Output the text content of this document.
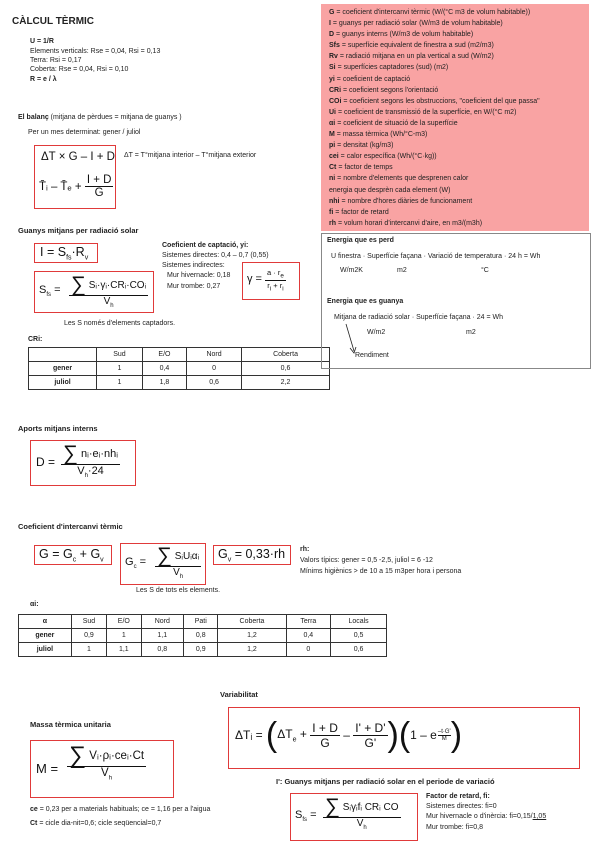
CÀLCUL TÈRMIC
U = 1/R
Elements verticals: Rse = 0,04, Rsi = 0,13
Terra: Rsi = 0,17
Coberta: Rse = 0,04, Rsi = 0,10
R = e / λ
G = coeficient d'intercanvi tèrmic (W/(°C m3 de volum habitable))
I = guanys per radiació solar (W/m3 de volum habitable)
D = guanys interns (W/m3 de volum habitable)
Sfs = superfície equivalent de finestra a sud (m2/m3)
Rv = radiació mitjana en un pla vertical a sud (W/m2)
Si = superfícies captadores (sud) (m2)
yi = coeficient de captació
CRi = coeficient segons l'orientació
COi = coeficient segons les obstruccions, "coeficient del que passa"
Ui = coeficient de transmissió de la superfície, en W/(°C m2)
αi = coeficient de situació de la superfície
M = massa tèrmica (Wh/°C-m3)
pi = densitat (kg/m3)
cei = calor específica (Wh/(°C·kg))
Ct = factor de temps
ni = nombre d'elements que desprenen calor
energia que desprèn cada element (W)
nhi = nombre d'hores diàries de funcionament
fi = factor de retard
rh = volum horari d'intercanvi d'aire, en m3/(m3h)
El balanç (mitjana de pèrdues = mitjana de guanys )
Per un mes determinat: gener / juliol
ΔT × G – I + D
T̄ᵢ – T̄ₑ + $\frac{I + D}{G}$
ΔT = T°mitjana interior – T°mitjana exterior
Guanys mitjans per radiació solar
$I = S_{fs}\cdot R_v$
$S_{fs}$ = ∑ Sᵢ·γᵢ·CRᵢ·COᵢ
$V_h$
Coeficient de captació, yi:
Sistemes directes: 0,4 – 0,7 (0,55)
Sistemes indirectes:
Mur hivernacle: 0,18
Mur trombe: 0,27
$\gamma = \frac{a \cdot r_e}{r_i + r_i}$
Les S només d'elements captadors.
CRi:
	Sud	E/O	Nord	Coberta
gener	1	0,4	0	0,6
juliol	1	1,8	0,6	2,2
Energia que es perd
U finestra · Superfície façana · Variació de temperatura · 24 h = Wh
W/m2K	m2	°C
Energia que es guanya
Mitjana de radiació solar · Superfície façana · 24 = Wh
W/m2	m2
Rendiment
Aports mitjans interns
D = ∑ nᵢ·eᵢ·nhᵢ
$V_h\cdot 24$
Coeficient d'intercanvi tèrmic
$G = G_c + G_v$ $G_c$ = ∑ SᵢUᵢαᵢ
$V_h$
$G_v = 0,33\cdot rh$ rh:
Valors típics: gener = 0,5 -2,5, juliol = 6 -12
Mínims higiènics > de 10 a 15 m3per hora i persona
Les S de tots els elements.
αi:
α	Sud	E/O	Nord	Pati	Coberta	Terra	Locals
gener	0,9	1	1,1	0,8	1,2	0,4	0,5
juliol	1	1,1	0,8	0,9	1,2	0	0,6
Variabilitat
ΔTᵢ = ( $\Delta T_e + \frac{I + D}{G} - \frac{I' + D'}{G'}$ ) ( 1 – e –t·G'
M )
Massa tèrmica unitaria
M = ∑ Vᵢ·ρᵢ·ceᵢ·Ct
$V_h$
ce = 0,23 per a materials habituals; ce = 1,16 per a l'aigua
Ct = cicle dia-nit=0,6; cicle seqüencial=0,7
I': Guanys mitjans per radiació solar en el periode de variació
$S_{fs}$ = ∑ Sᵢγᵢfᵢ CRᵢ CO
$V_h$
Factor de retard, fi:
Sistemes directes: fi=0
Mur hivernacle o d'inèrcia: fi=0,15/1,05
Mur trombe: fi=0,8
